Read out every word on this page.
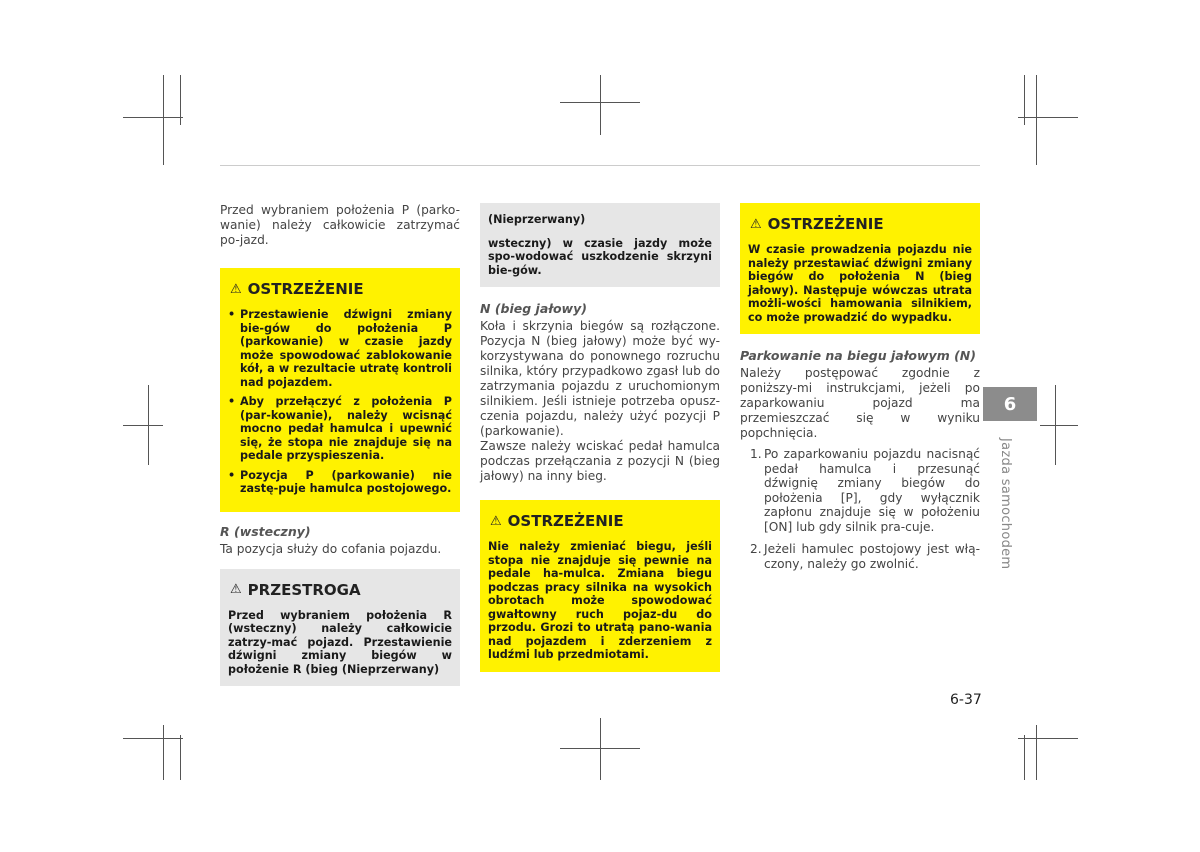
Przed wybraniem położenia P (parko-wanie) należy całkowicie zatrzymać po-jazd.

⚠ OSTRZEŻENIE
• Przestawienie dźwigni zmiany bie-gów do położenia P (parkowanie) w czasie jazdy może spowodować zablokowanie kół, a w rezultacie utratę kontroli nad pojazdem.
• Aby przełączyć z położenia P (par-kowanie), należy wcisnąć mocno pedał hamulca i upewnić się, że stopa nie znajduje się na pedale przyspieszenia.
• Pozycja P (parkowanie) nie zastę-puje hamulca postojowego.

R (wsteczny)

Ta pozycja służy do cofania pojazdu.

⚠ PRZESTROGA

Przed wybraniem położenia R (wsteczny) należy całkowicie zatrzy-mać pojazd. Przestawienie dźwigni zmiany biegów w położenie R (bieg (Nieprzerwany)

(Nieprzerwany)

wsteczny) w czasie jazdy może spo-wodować uszkodzenie skrzyni bie-gów.

N (bieg jałowy)

Koła i skrzynia biegów są rozłączone. Pozycja N (bieg jałowy) może być wy-korzystywana do ponownego rozruchu silnika, który przypadkowo zgasł lub do zatrzymania pojazdu z uruchomionym silnikiem. Jeśli istnieje potrzeba opusz-czenia pojazdu, należy użyć pozycji P (parkowanie).

Zawsze należy wciskać pedał hamulca podczas przełączania z pozycji N (bieg jałowy) na inny bieg.

⚠ OSTRZEŻENIE

Nie należy zmieniać biegu, jeśli stopa nie znajduje się pewnie na pedale ha-mulca. Zmiana biegu podczas pracy silnika na wysokich obrotach może spowodować gwałtowny ruch pojaz-du do przodu. Grozi to utratą pano-wania nad pojazdem i zderzeniem z ludźmi lub przedmiotami.

⚠ OSTRZEŻENIE

W czasie prowadzenia pojazdu nie należy przestawiać dźwigni zmiany biegów do położenia N (bieg jałowy). Następuje wówczas utrata możli-wości hamowania silnikiem, co może prowadzić do wypadku.

Parkowanie na biegu jałowym (N)

Należy postępować zgodnie z poniższy-mi instrukcjami, jeżeli po zaparkowaniu pojazd ma przemieszczać się w wyniku popchnięcia.

1. Po zaparkowaniu pojazdu nacisnąć pedał hamulca i przesunąć dźwignię zmiany biegów do położenia [P], gdy wyłącznik zapłonu znajduje się w położeniu [ON] lub gdy silnik pra-cuje.
2. Jeżeli hamulec postojowy jest włą-czony, należy go zwolnić.
6
Jazda samochodem
6-37
